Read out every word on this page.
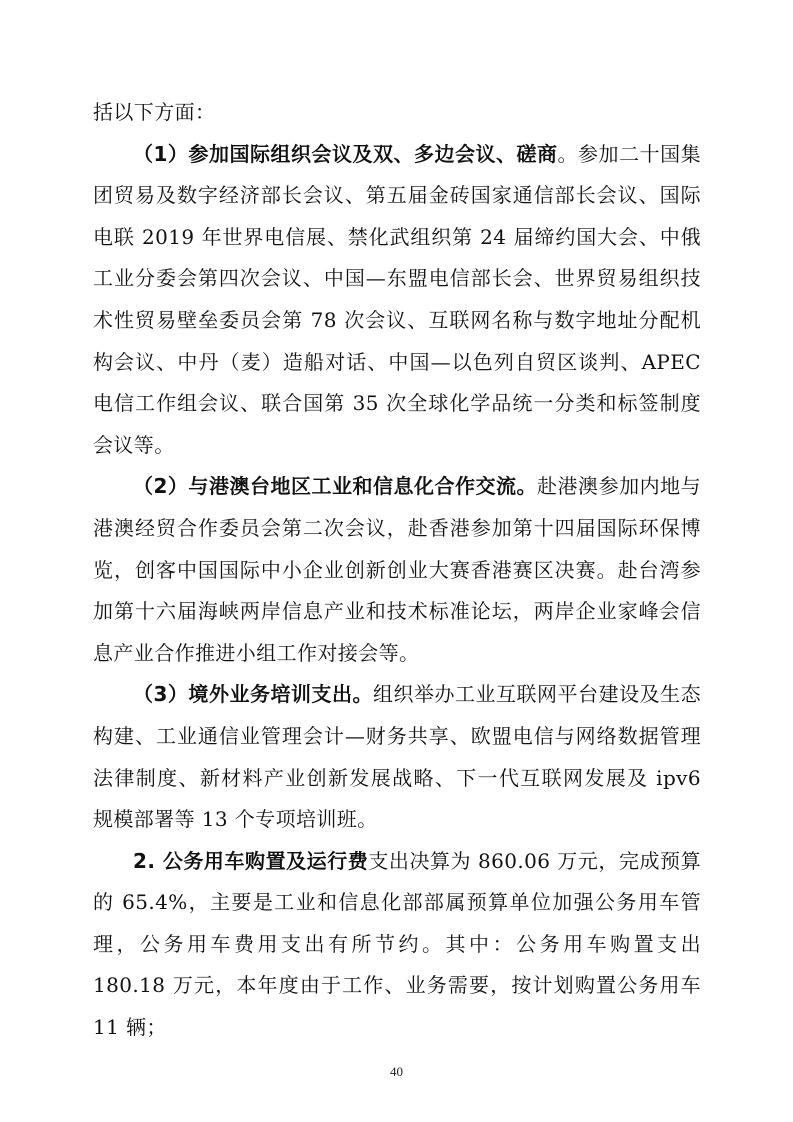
括以下方面：

（1）参加国际组织会议及双、多边会议、磋商。参加二十国集团贸易及数字经济部长会议、第五届金砖国家通信部长会议、国际电联 2019 年世界电信展、禁化武组织第 24 届缔约国大会、中俄工业分委会第四次会议、中国—东盟电信部长会、世界贸易组织技术性贸易壁垒委员会第 78 次会议、互联网名称与数字地址分配机构会议、中丹（麦）造船对话、中国—以色列自贸区谈判、APEC 电信工作组会议、联合国第 35 次全球化学品统一分类和标签制度会议等。

（2）与港澳台地区工业和信息化合作交流。赴港澳参加内地与港澳经贸合作委员会第二次会议，赴香港参加第十四届国际环保博览，创客中国国际中小企业创新创业大赛香港赛区决赛。赴台湾参加第十六届海峡两岸信息产业和技术标准论坛，两岸企业家峰会信息产业合作推进小组工作对接会等。

（3）境外业务培训支出。组织举办工业互联网平台建设及生态构建、工业通信业管理会计—财务共享、欧盟电信与网络数据管理法律制度、新材料产业创新发展战略、下一代互联网发展及 ipv6 规模部署等 13 个专项培训班。

2. 公务用车购置及运行费支出决算为 860.06 万元，完成预算的 65.4%，主要是工业和信息化部部属预算单位加强公务用车管理，公务用车费用支出有所节约。其中：公务用车购置支出 180.18 万元，本年度由于工作、业务需要，按计划购置公务用车 11 辆；

40
